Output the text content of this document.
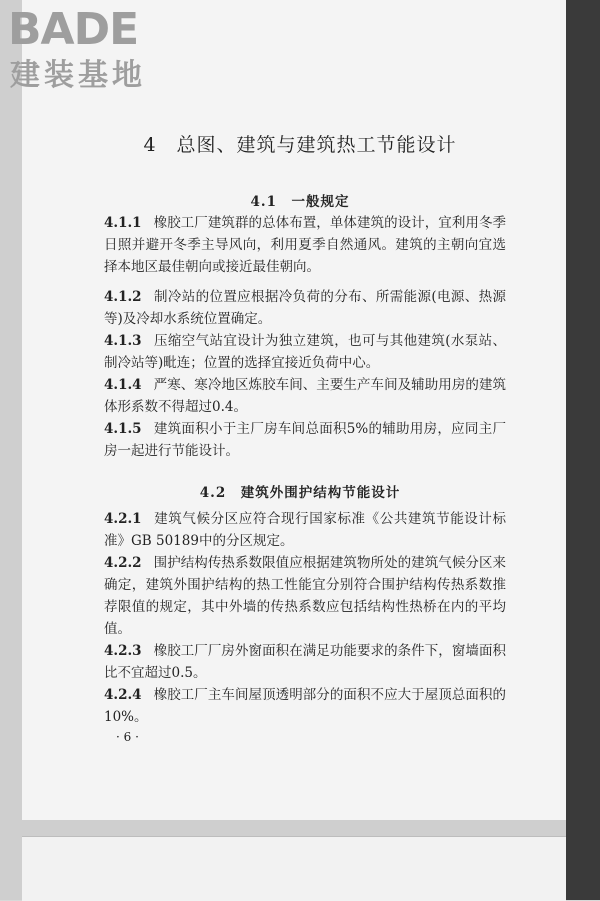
BADE
建装基地
4　总图、建筑与建筑热工节能设计
4.1　一般规定
4.1.1 橡胶工厂建筑群的总体布置，单体建筑的设计，宜利用冬季日照并避开冬季主导风向，利用夏季自然通风。建筑的主朝向宜选择本地区最佳朝向或接近最佳朝向。
4.1.2 制冷站的位置应根据冷负荷的分布、所需能源(电源、热源等)及冷却水系统位置确定。
4.1.3 压缩空气站宜设计为独立建筑，也可与其他建筑(水泵站、制冷站等)毗连；位置的选择宜接近负荷中心。
4.1.4 严寒、寒冷地区炼胶车间、主要生产车间及辅助用房的建筑体形系数不得超过0.4。
4.1.5 建筑面积小于主厂房车间总面积5%的辅助用房，应同主厂房一起进行节能设计。
4.2　建筑外围护结构节能设计
4.2.1 建筑气候分区应符合现行国家标准《公共建筑节能设计标准》GB 50189中的分区规定。
4.2.2 围护结构传热系数限值应根据建筑物所处的建筑气候分区来确定，建筑外围护结构的热工性能宜分别符合围护结构传热系数推荐限值的规定，其中外墙的传热系数应包括结构性热桥在内的平均值。
4.2.3 橡胶工厂厂房外窗面积在满足功能要求的条件下，窗墙面积比不宜超过0.5。
4.2.4 橡胶工厂主车间屋顶透明部分的面积不应大于屋顶总面积的10%。
· 6 ·
